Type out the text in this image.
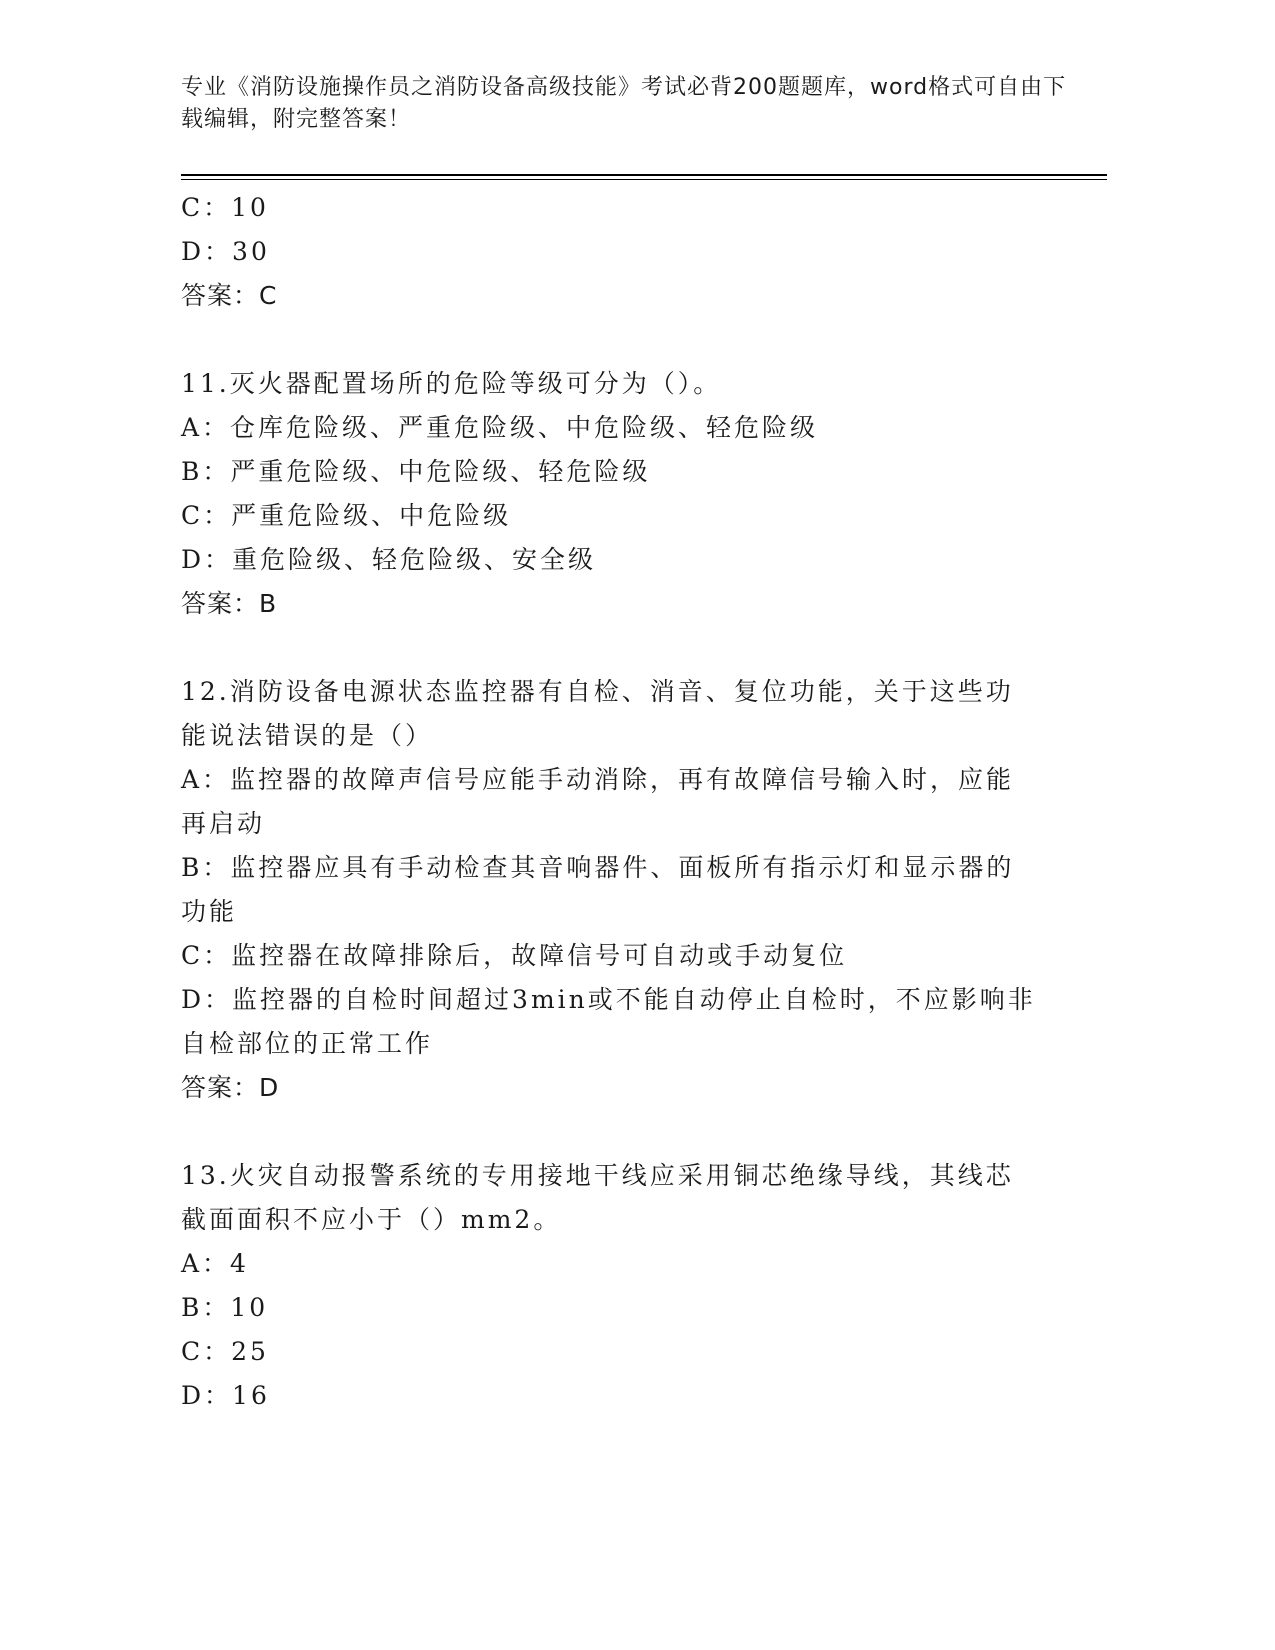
专业《消防设施操作员之消防设备高级技能》考试必背200题题库，word格式可自由下载编辑，附完整答案！

C：10

D：30

答案：C

11.灭火器配置场所的危险等级可分为（）。

A：仓库危险级、严重危险级、中危险级、轻危险级

B：严重危险级、中危险级、轻危险级

C：严重危险级、中危险级

D：重危险级、轻危险级、安全级

答案：B

12.消防设备电源状态监控器有自检、消音、复位功能，关于这些功能说法错误的是（）

A：监控器的故障声信号应能手动消除，再有故障信号输入时，应能再启动

B：监控器应具有手动检查其音响器件、面板所有指示灯和显示器的功能

C：监控器在故障排除后，故障信号可自动或手动复位

D：监控器的自检时间超过3min或不能自动停止自检时，不应影响非自检部位的正常工作

答案：D

13.火灾自动报警系统的专用接地干线应采用铜芯绝缘导线，其线芯截面面积不应小于（）mm2。

A：4

B：10

C：25

D：16
